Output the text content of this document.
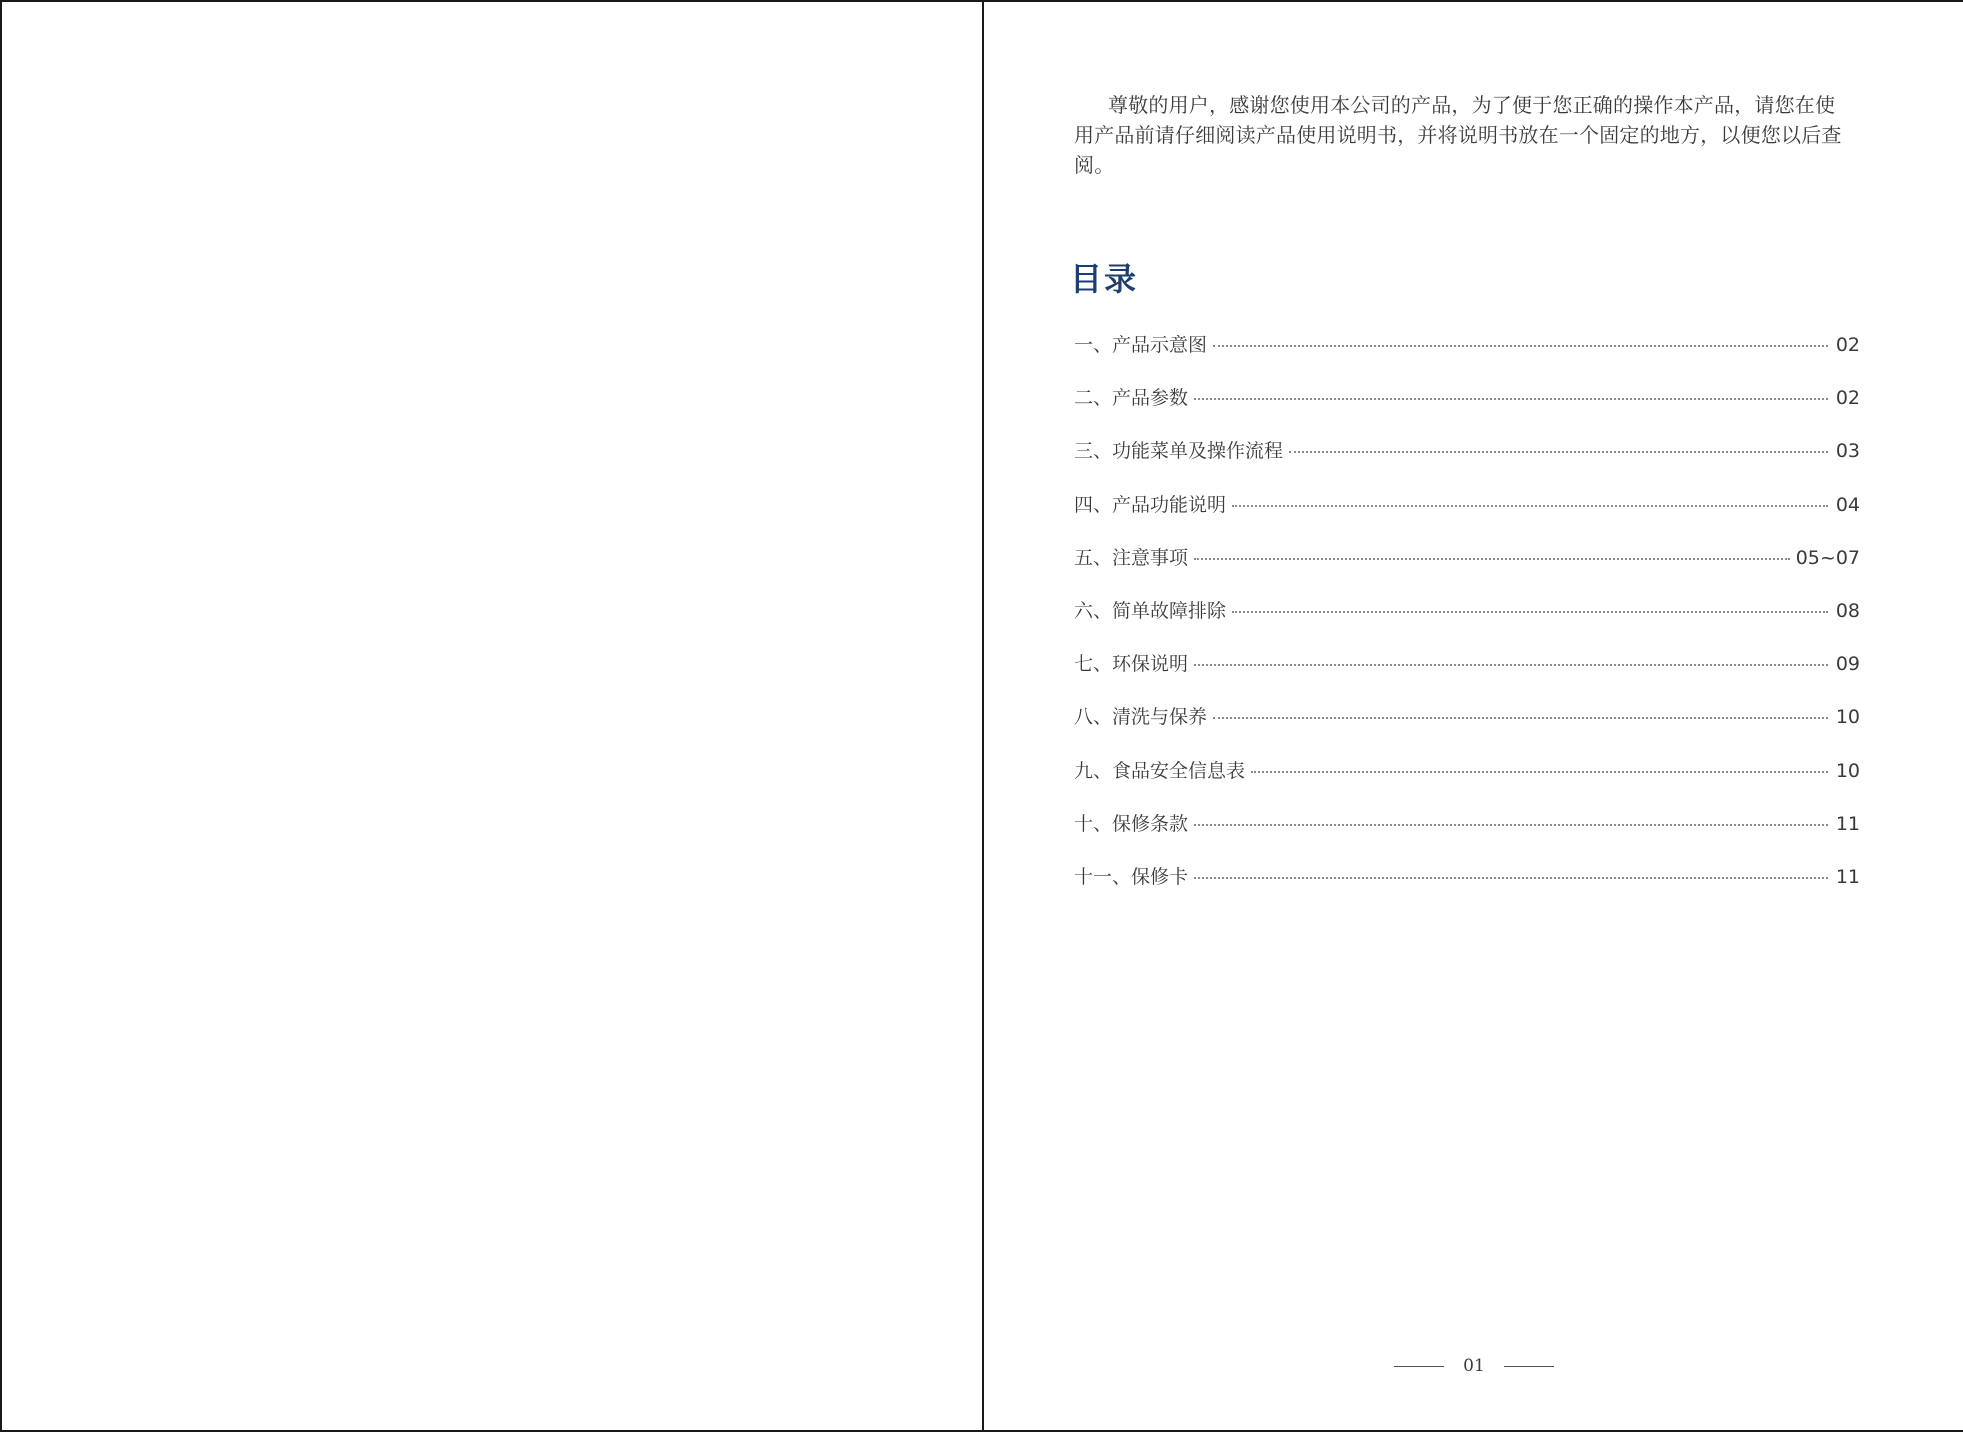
尊敬的用户，感谢您使用本公司的产品，为了便于您正确的操作本产品，请您在使用产品前请仔细阅读产品使用说明书，并将说明书放在一个固定的地方，以便您以后查阅。

目录
一、产品示意图	02
二、产品参数	02
三、功能菜单及操作流程	03
四、产品功能说明	04
五、注意事项	05~07
六、简单故障排除	08
七、环保说明	09
八、清洗与保养	10
九、食品安全信息表	10
十、保修条款	11
十一、保修卡	11
01
